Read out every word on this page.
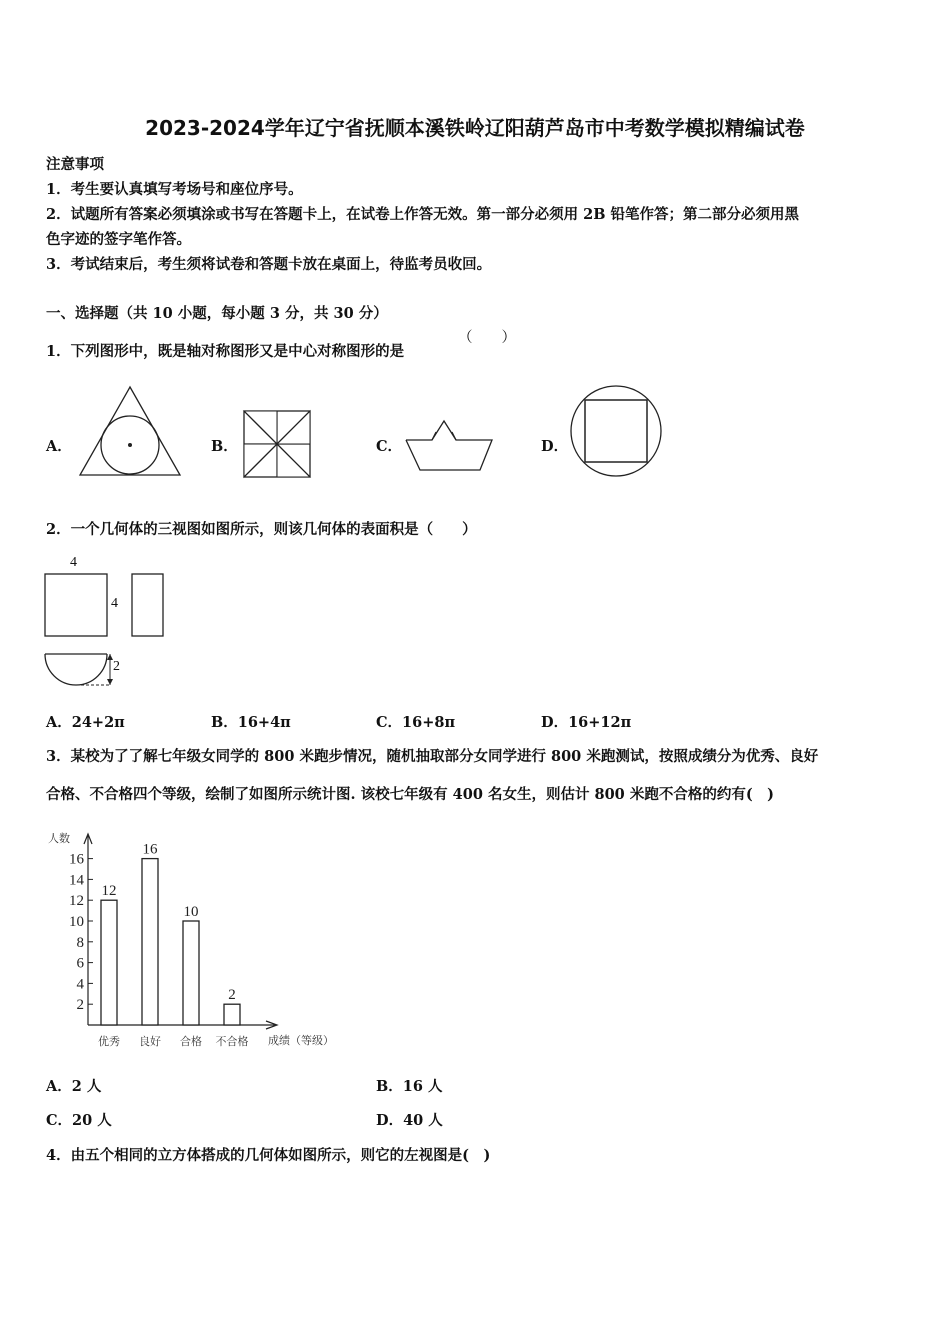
2023-2024学年辽宁省抚顺本溪铁岭辽阳葫芦岛市中考数学模拟精编试卷
注意事项
1．考生要认真填写考场号和座位序号。
2．试题所有答案必须填涂或书写在答题卡上，在试卷上作答无效。第一部分必须用 2B 铅笔作答；第二部分必须用黑
色字迹的签字笔作答。
3．考试结束后，考生须将试卷和答题卡放在桌面上，待监考员收回。
一、选择题（共 10 小题，每小题 3 分，共 30 分）
1．下列图形中，既是轴对称图形又是中心对称图形的是
（　　）
A．	B．	C．	D．
2．一个几何体的三视图如图所示，则该几何体的表面积是（　　）
4
4
2
A．24+2π	B．16+4π	C．16+8π	D．16+12π
3．某校为了了解七年级女同学的 800 米跑步情况，随机抽取部分女同学进行 800 米跑测试，按照成绩分为优秀、良好
合格、不合格四个等级，绘制了如图所示统计图. 该校七年级有 400 名女生，则估计 800 米跑不合格的约有(　)
人数
成绩（等级）
2
4
6
8
10
12
14
16
12
优秀
16
良好
10
合格
2
不合格
A．2 人	B．16 人
C．20 人	D．40 人
4．由五个相同的立方体搭成的几何体如图所示，则它的左视图是(　)
